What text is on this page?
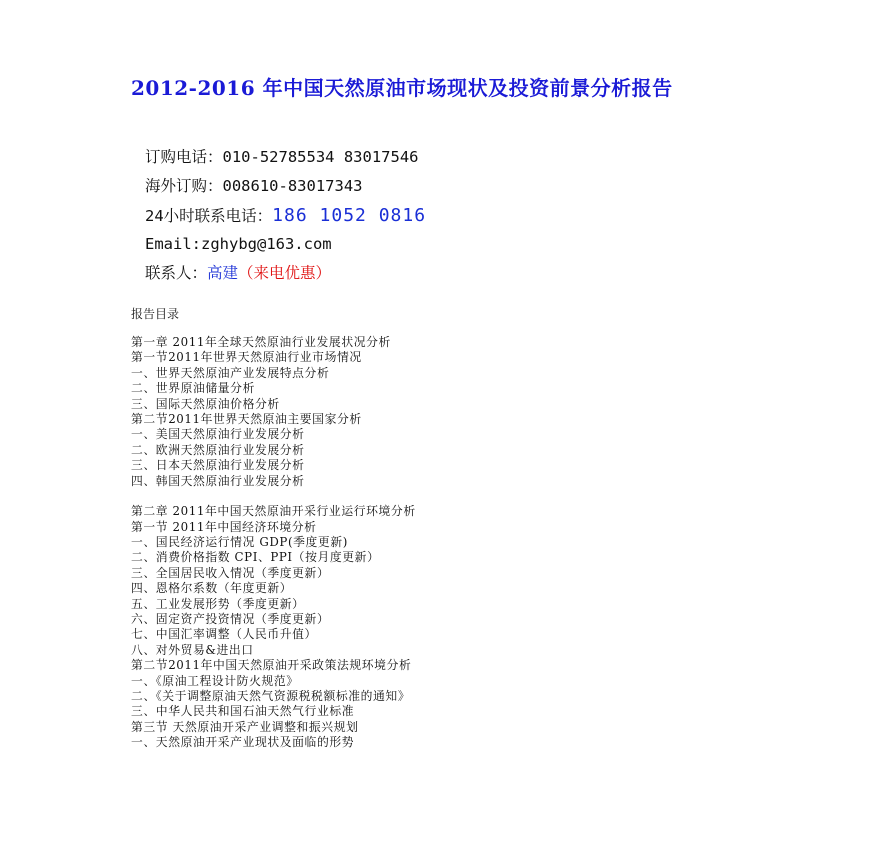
2012-2016 年中国天然原油市场现状及投资前景分析报告
订购电话：010-52785534 83017546
海外订购：008610-83017343
24小时联系电话：186 1052 0816
Email:zghybg@163.com
联系人：高建（来电优惠）
报告目录
第一章 2011年全球天然原油行业发展状况分析
第一节2011年世界天然原油行业市场情况
一、世界天然原油产业发展特点分析
二、世界原油储量分析
三、国际天然原油价格分析
第二节2011年世界天然原油主要国家分析
一、美国天然原油行业发展分析
二、欧洲天然原油行业发展分析
三、日本天然原油行业发展分析
四、韩国天然原油行业发展分析
第二章 2011年中国天然原油开采行业运行环境分析
第一节 2011年中国经济环境分析
一、国民经济运行情况 GDP(季度更新)
二、消费价格指数 CPI、PPI（按月度更新）
三、全国居民收入情况（季度更新）
四、恩格尔系数（年度更新）
五、工业发展形势（季度更新）
六、固定资产投资情况（季度更新）
七、中国汇率调整（人民币升值）
八、对外贸易&进出口
第二节2011年中国天然原油开采政策法规环境分析
一、《原油工程设计防火规范》
二、《关于调整原油天然气资源税税额标准的通知》
三、中华人民共和国石油天然气行业标准
第三节 天然原油开采产业调整和振兴规划
一、天然原油开采产业现状及面临的形势
